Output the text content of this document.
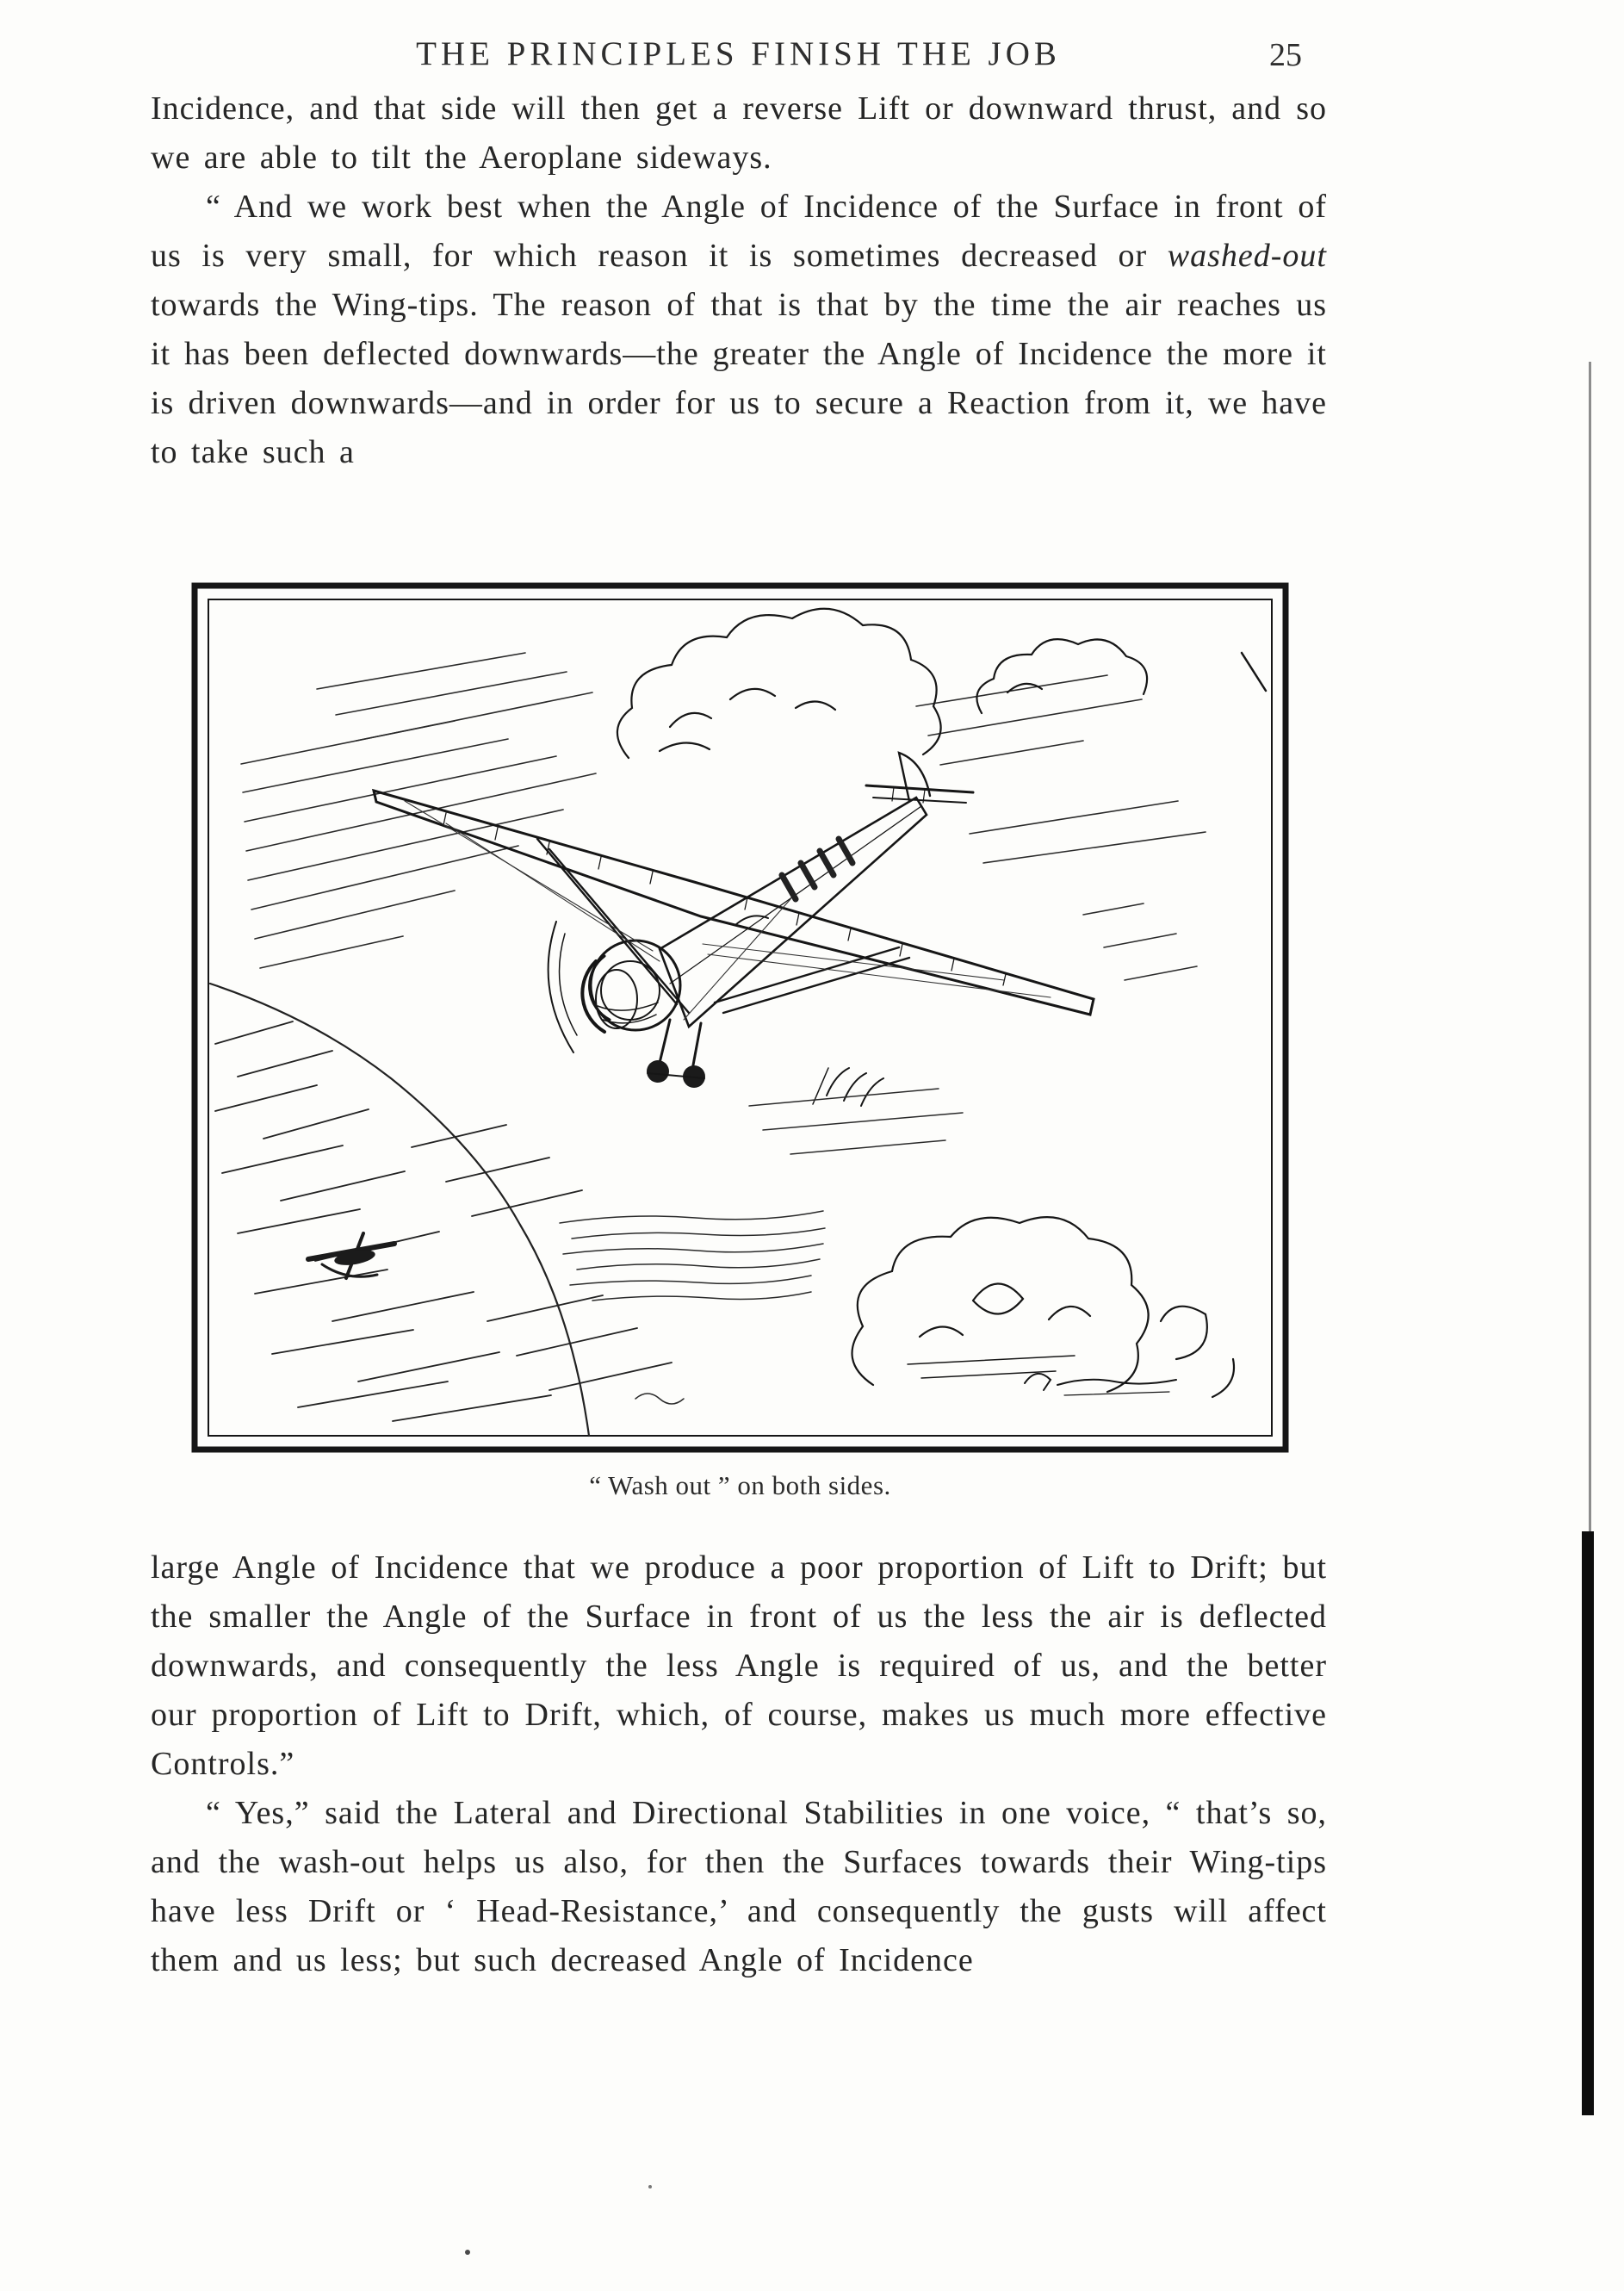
THE PRINCIPLES FINISH THE JOB	25

Incidence, and that side will then get a reverse Lift or downward thrust, and so we are able to tilt the Aeroplane sideways.

“ And we work best when the Angle of Incidence of the Surface in front of us is very small, for which reason it is sometimes decreased or washed-out towards the Wing-tips. The reason of that is that by the time the air reaches us it has been deflected downwards—the greater the Angle of Incidence the more it is driven downwards—and in order for us to secure a Reaction from it, we have to take such a

“ Wash out ” on both sides.

large Angle of Incidence that we produce a poor proportion of Lift to Drift; but the smaller the Angle of the Surface in front of us the less the air is deflected downwards, and consequently the less Angle is required of us, and the better our proportion of Lift to Drift, which, of course, makes us much more effective Controls.”

“ Yes,” said the Lateral and Directional Stabilities in one voice, “ that’s so, and the wash-out helps us also, for then the Surfaces towards their Wing-tips have less Drift or ‘ Head-Resistance,’ and consequently the gusts will affect them and us less; but such decreased Angle of Incidence
